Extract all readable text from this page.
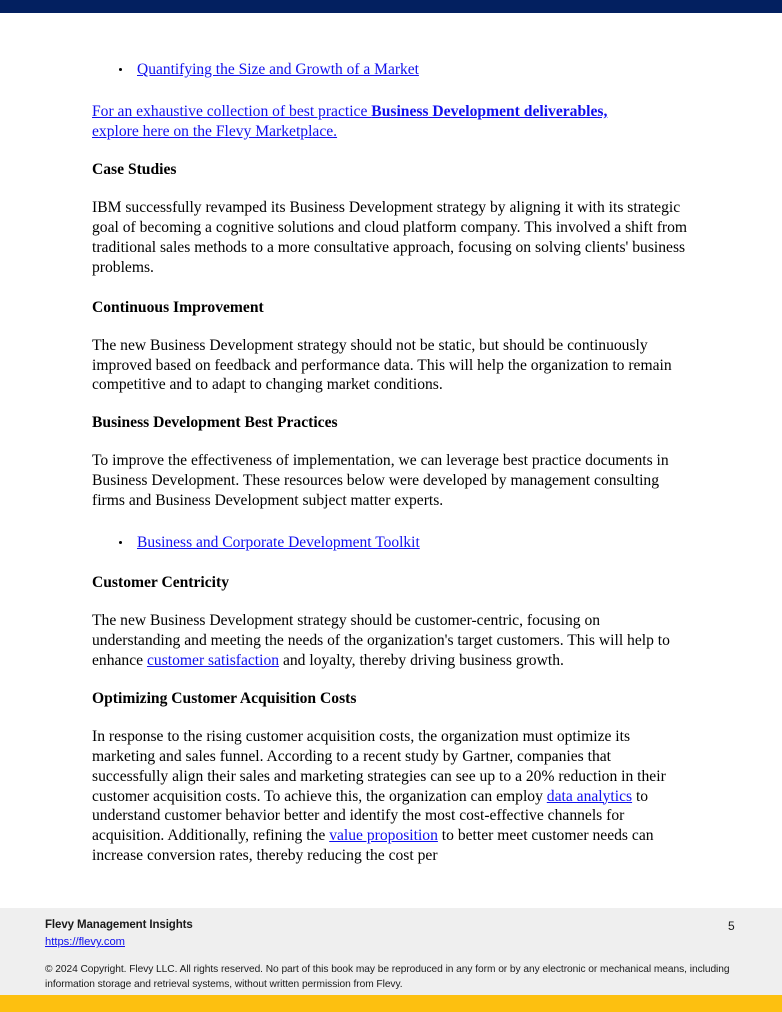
Quantifying the Size and Growth of a Market
For an exhaustive collection of best practice Business Development deliverables,
explore here on the Flevy Marketplace.
Case Studies

IBM successfully revamped its Business Development strategy by aligning it with its strategic goal of becoming a cognitive solutions and cloud platform company. This involved a shift from traditional sales methods to a more consultative approach, focusing on solving clients' business problems.

Continuous Improvement

The new Business Development strategy should not be static, but should be continuously improved based on feedback and performance data. This will help the organization to remain competitive and to adapt to changing market conditions.

Business Development Best Practices

To improve the effectiveness of implementation, we can leverage best practice documents in Business Development. These resources below were developed by management consulting firms and Business Development subject matter experts.

Business and Corporate Development Toolkit
Customer Centricity

The new Business Development strategy should be customer-centric, focusing on understanding and meeting the needs of the organization's target customers. This will help to enhance customer satisfaction and loyalty, thereby driving business growth.

Optimizing Customer Acquisition Costs

In response to the rising customer acquisition costs, the organization must optimize its marketing and sales funnel. According to a recent study by Gartner, companies that successfully align their sales and marketing strategies can see up to a 20% reduction in their customer acquisition costs. To achieve this, the organization can employ data analytics to understand customer behavior better and identify the most cost-effective channels for acquisition. Additionally, refining the value proposition to better meet customer needs can increase conversion rates, thereby reducing the cost per

Flevy Management Insights
https://flevy.com
5
© 2024 Copyright. Flevy LLC. All rights reserved. No part of this book may be reproduced in any form or by any electronic or mechanical means, including information storage and retrieval systems, without written permission from Flevy.
